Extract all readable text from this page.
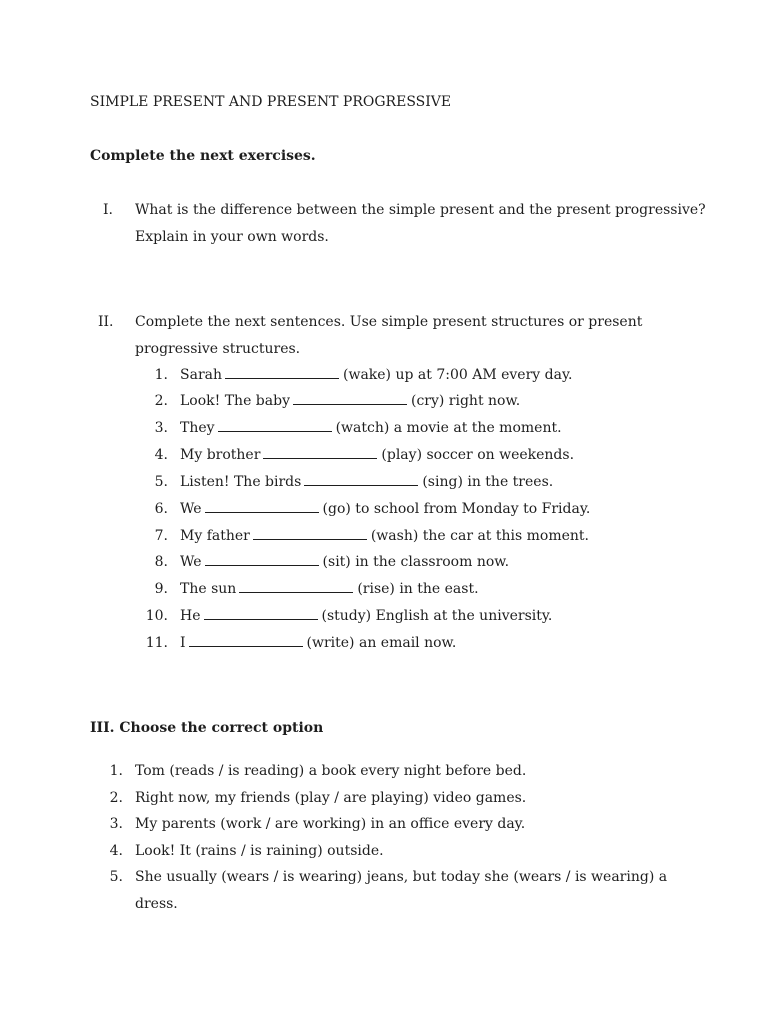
SIMPLE PRESENT AND PRESENT PROGRESSIVE
Complete the next exercises.
I. What is the difference between the simple present and the present progressive?
Explain in your own words.
II. Complete the next sentences. Use simple present structures or present
progressive structures.
1. Sarah	(wake) up at 7:00 AM every day.
2. Look! The baby	(cry) right now.
3. They	(watch) a movie at the moment.
4. My brother	(play) soccer on weekends.
5. Listen! The birds	(sing) in the trees.
6. We	(go) to school from Monday to Friday.
7. My father	(wash) the car at this moment.
8. We	(sit) in the classroom now.
9. The sun	(rise) in the east.
10. He	(study) English at the university.
11. I	(write) an email now.
III. Choose the correct option
1. Tom (reads / is reading) a book every night before bed.
2. Right now, my friends (play / are playing) video games.
3. My parents (work / are working) in an office every day.
4. Look! It (rains / is raining) outside.
5. She usually (wears / is wearing) jeans, but today she (wears / is wearing) a
dress.
